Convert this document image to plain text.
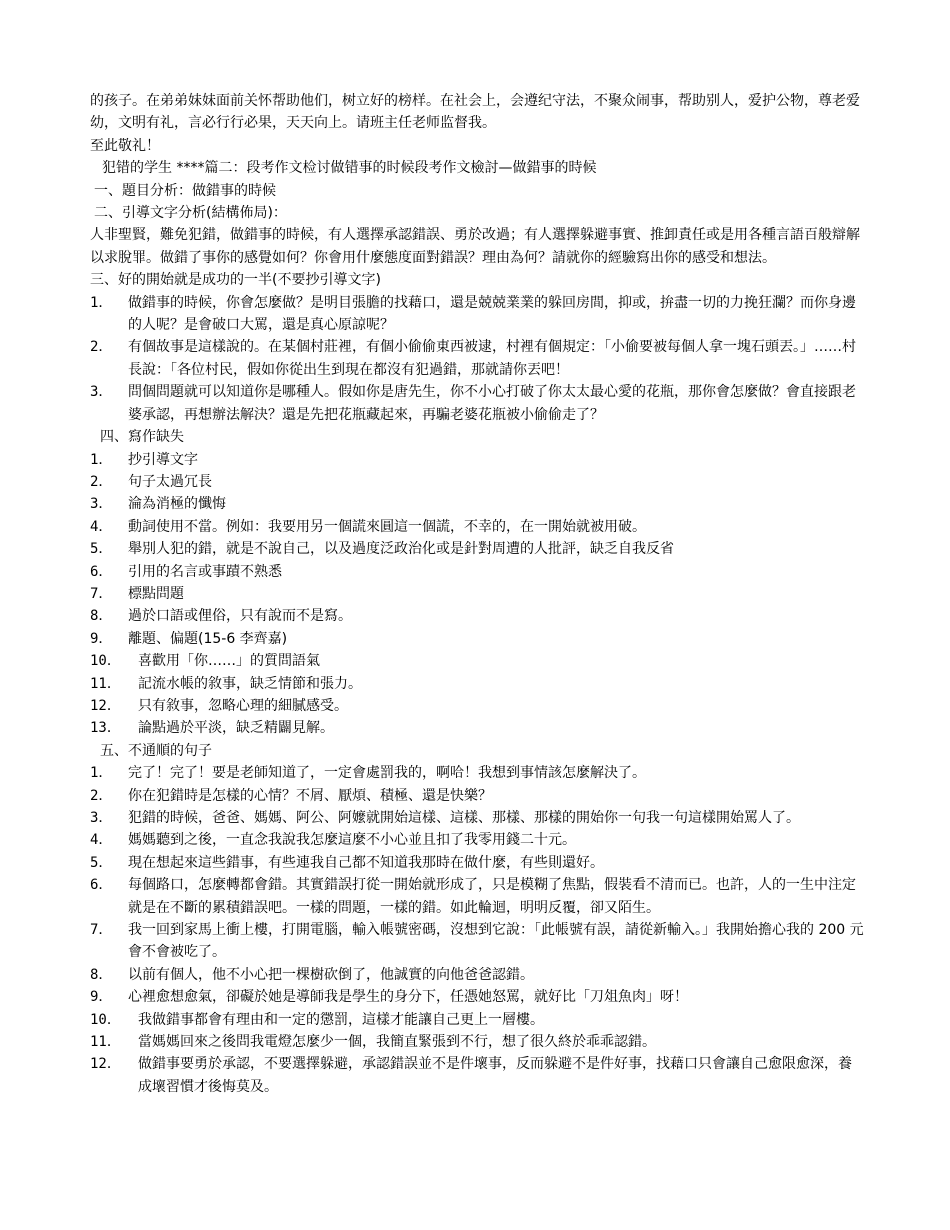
的孩子。在弟弟妹妹面前关怀帮助他们，树立好的榜样。在社会上，会遵纪守法，不聚众闹事，帮助别人，爱护公物，尊老爱幼，文明有礼，言必行行必果，天天向上。请班主任老师监督我。

至此敬礼！

犯错的学生 ****篇二：段考作文检讨做错事的时候段考作文檢討—做錯事的時候

一、題目分析：做錯事的時候

二、引導文字分析(結構佈局)：

人非聖賢，難免犯錯，做錯事的時候，有人選擇承認錯誤、勇於改過；有人選擇躲避事實、推卸責任或是用各種言語百般辯解以求脫罪。做錯了事你的感覺如何？你會用什麼態度面對錯誤？理由為何？請就你的經驗寫出你的感受和想法。

三、好的開始就是成功的一半(不要抄引導文字)

1．	做錯事的時候，你會怎麼做？是明目張膽的找藉口，還是兢兢業業的躲回房間，抑或，拚盡一切的力挽狂瀾？而你身邊的人呢？是會破口大罵，還是真心原諒呢？
2．	有個故事是這樣說的。在某個村莊裡，有個小偷偷東西被逮，村裡有個規定：「小偷要被每個人拿一塊石頭丟。」……村長說：「各位村民，假如你從出生到現在都沒有犯過錯，那就請你丟吧！
3．	問個問題就可以知道你是哪種人。假如你是唐先生，你不小心打破了你太太最心愛的花瓶，那你會怎麼做？會直接跟老婆承認，再想辦法解決？還是先把花瓶藏起來，再騙老婆花瓶被小偷偷走了？

四、寫作缺失

1．	抄引導文字
2．	句子太過冗長
3．	淪為消極的懺悔
4．	動詞使用不當。例如：我要用另一個謊來圓這一個謊，不幸的，在一開始就被用破。
5．	舉別人犯的錯，就是不說自己，以及過度泛政治化或是針對周遭的人批評，缺乏自我反省
6．	引用的名言或事蹟不熟悉
7．	標點問題
8．	過於口語或俚俗，只有說而不是寫。
9．	離題、偏題(15-6 李齊嘉)
10．	喜歡用「你……」的質問語氣
11．	記流水帳的敘事，缺乏情節和張力。
12．	只有敘事，忽略心理的細膩感受。
13．	論點過於平淡，缺乏精闢見解。

五、不通順的句子

1．	完了！完了！要是老師知道了，一定會處罰我的，啊哈！我想到事情該怎麼解決了。
2．	你在犯錯時是怎樣的心情？不屑、厭煩、積極、還是快樂？
3．	犯錯的時候，爸爸、媽媽、阿公、阿嬤就開始這樣、這樣、那樣、那樣的開始你一句我一句這樣開始罵人了。
4．	媽媽聽到之後，一直念我說我怎麼這麼不小心並且扣了我零用錢二十元。
5．	現在想起來這些錯事，有些連我自己都不知道我那時在做什麼，有些則還好。
6．	每個路口，怎麼轉都會錯。其實錯誤打從一開始就形成了，只是模糊了焦點，假裝看不清而已。也許，人的一生中注定就是在不斷的累積錯誤吧。一樣的問題，一樣的錯。如此輪迴，明明反覆，卻又陌生。
7．	我一回到家馬上衝上樓，打開電腦，輸入帳號密碼，沒想到它說：「此帳號有誤，請從新輸入。」我開始擔心我的 200 元會不會被吃了。
8．	以前有個人，他不小心把一棵樹砍倒了，他誠實的向他爸爸認錯。
9．	心裡愈想愈氣，卻礙於她是導師我是學生的身分下，任憑她怒罵，就好比「刀俎魚肉」呀！
10．	我做錯事都會有理由和一定的懲罰，這樣才能讓自己更上一層樓。
11．	當媽媽回來之後問我電燈怎麼少一個，我簡直緊張到不行，想了很久終於乖乖認錯。
12．	做錯事要勇於承認，不要選擇躲避，承認錯誤並不是件壞事，反而躲避不是件好事，找藉口只會讓自己愈限愈深，養成壞習慣才後悔莫及。
